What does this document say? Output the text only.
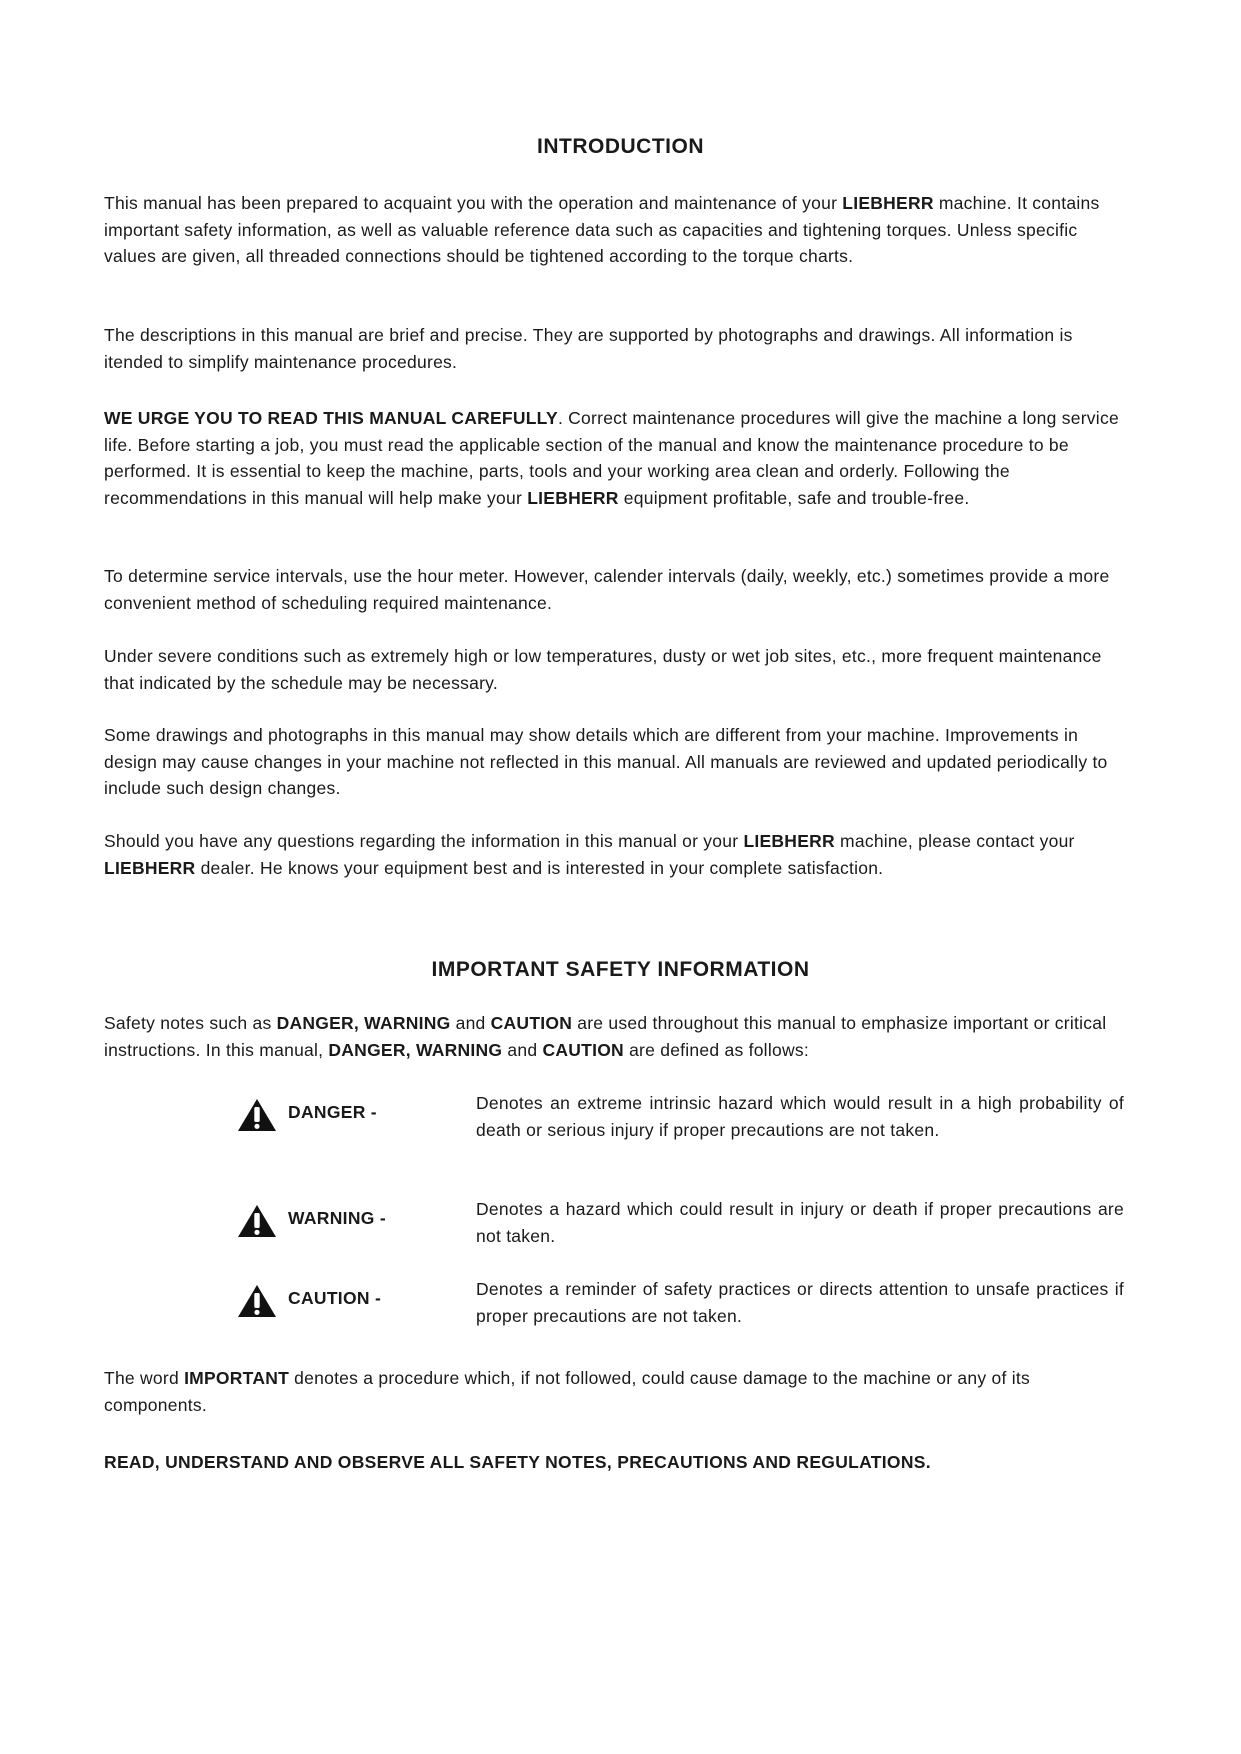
INTRODUCTION

This manual has been prepared to acquaint you with the operation and maintenance of your LIEBHERR machine. It contains important safety information, as well as valuable reference data such as capacities and tightening torques. Unless specific values are given, all threaded connections should be tightened according to the torque charts.

The descriptions in this manual are brief and precise. They are supported by photographs and drawings. All information is itended to simplify maintenance procedures.

WE URGE YOU TO READ THIS MANUAL CAREFULLY. Correct maintenance procedures will give the machine a long service life. Before starting a job, you must read the applicable section of the manual and know the maintenance procedure to be performed. It is essential to keep the machine, parts, tools and your working area clean and orderly. Following the recommendations in this manual will help make your LIEBHERR equipment profitable, safe and trouble-free.

To determine service intervals, use the hour meter. However, calender intervals (daily, weekly, etc.) sometimes provide a more convenient method of scheduling required maintenance.

Under severe conditions such as extremely high or low temperatures, dusty or wet job sites, etc., more frequent maintenance that indicated by the schedule may be necessary.

Some drawings and photographs in this manual may show details which are different from your machine. Improvements in design may cause changes in your machine not reflected in this manual. All manuals are reviewed and updated periodically to include such design changes.

Should you have any questions regarding the information in this manual or your LIEBHERR machine, please contact your LIEBHERR dealer. He knows your equipment best and is interested in your complete satisfaction.

IMPORTANT SAFETY INFORMATION

Safety notes such as DANGER, WARNING and CAUTION are used throughout this manual to emphasize important or critical instructions. In this manual, DANGER, WARNING and CAUTION are defined as follows:

DANGER -	Denotes an extreme intrinsic hazard which would result in a high probability of death or serious injury if proper precautions are not taken.
WARNING -	Denotes a hazard which could result in injury or death if proper precautions are not taken.
CAUTION -	Denotes a reminder of safety practices or directs attention to unsafe practices if proper precautions are not taken.

The word IMPORTANT denotes a procedure which, if not followed, could cause damage to the machine or any of its components.

READ, UNDERSTAND AND OBSERVE ALL SAFETY NOTES, PRECAUTIONS AND REGULATIONS.
